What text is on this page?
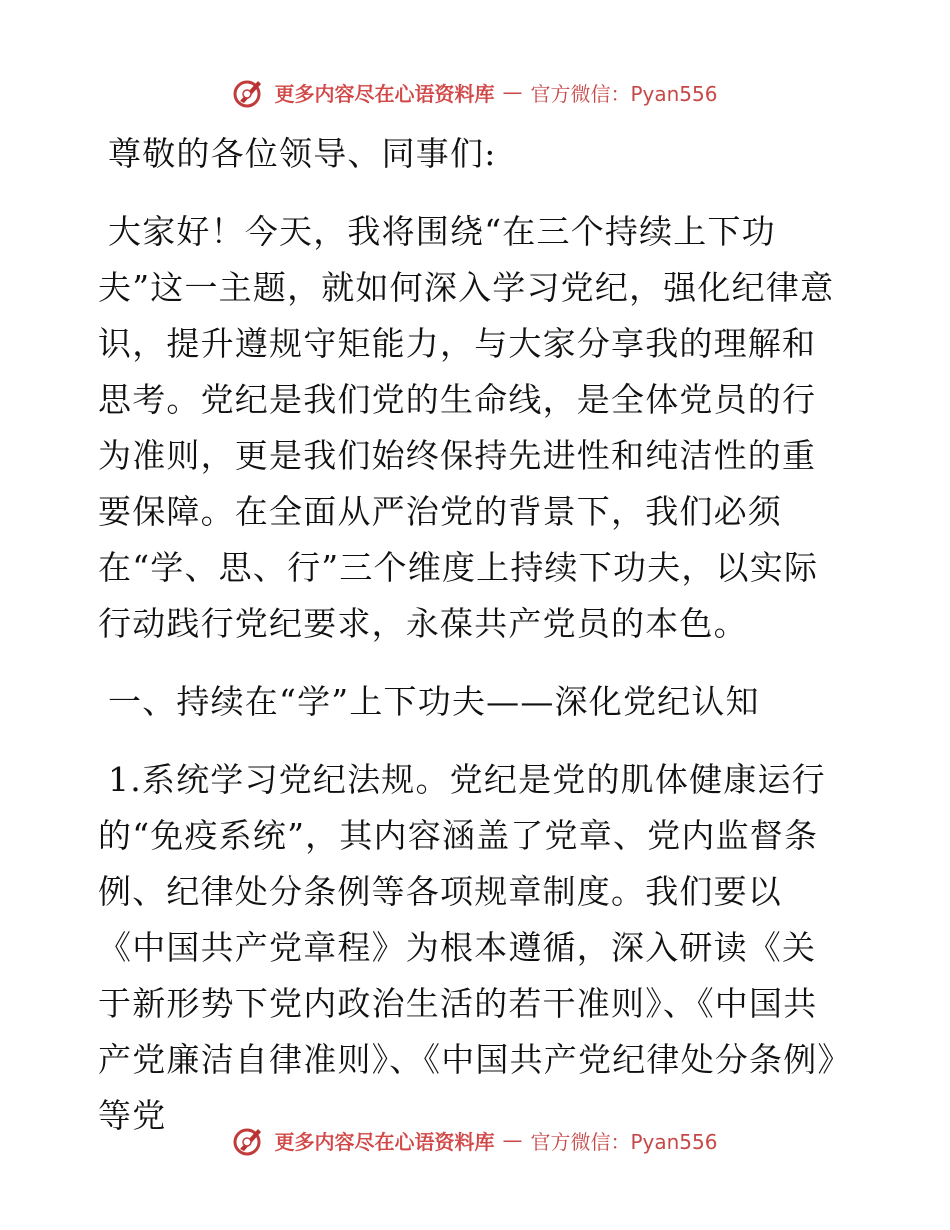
更多内容尽在心语资料库 — 官方微信：Pyan556

尊敬的各位领导、同事们:

大家好！今天，我将围绕“在三个持续上下功夫”这一主题，就如何深入学习党纪，强化纪律意识，提升遵规守矩能力，与大家分享我的理解和思考。党纪是我们党的生命线，是全体党员的行为准则，更是我们始终保持先进性和纯洁性的重要保障。在全面从严治党的背景下，我们必须在“学、思、行”三个维度上持续下功夫，以实际行动践行党纪要求，永葆共产党员的本色。

一、持续在“学”上下功夫——深化党纪认知

1.系统学习党纪法规。党纪是党的肌体健康运行的“免疫系统”，其内容涵盖了党章、党内监督条例、纪律处分条例等各项规章制度。我们要以《中国共产党章程》为根本遵循，深入研读《关于新形势下党内政治生活的若干准则》、《中国共产党廉洁自律准则》、《中国共产党纪律处分条例》等党

更多内容尽在心语资料库 — 官方微信：Pyan556
